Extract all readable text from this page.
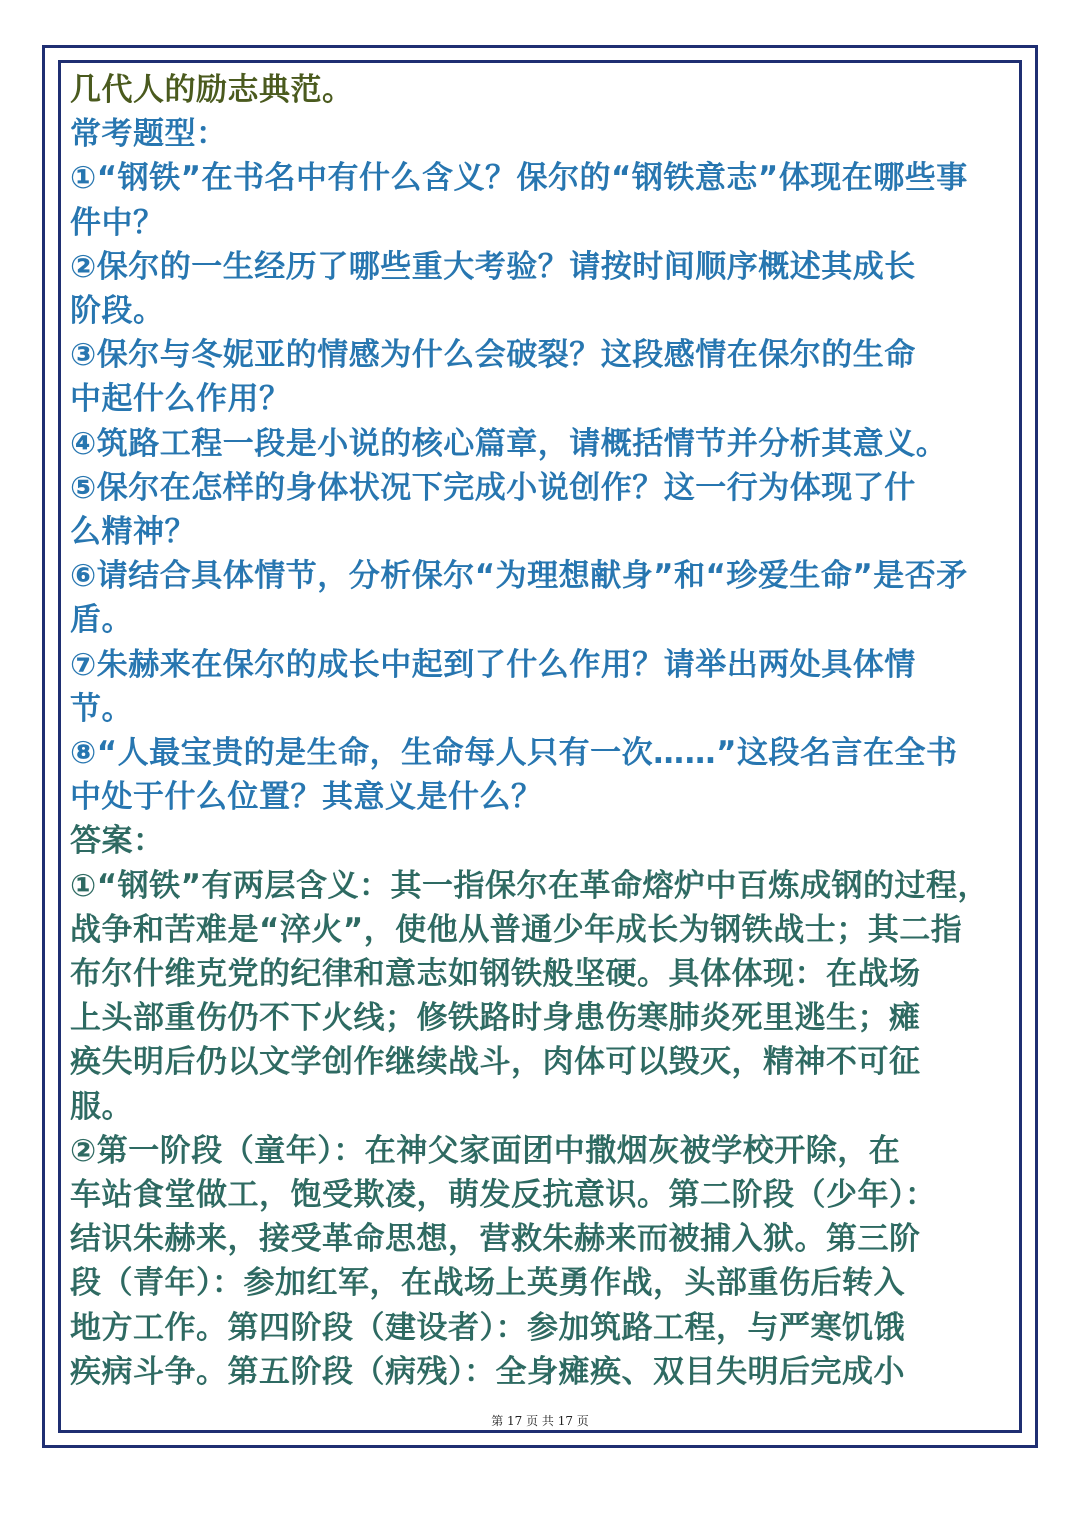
几代人的励志典范。

常考题型：

①“钢铁”在书名中有什么含义？保尔的“钢铁意志”体现在哪些事

件中？

②保尔的一生经历了哪些重大考验？请按时间顺序概述其成长

阶段。

③保尔与冬妮亚的情感为什么会破裂？这段感情在保尔的生命

中起什么作用？

④筑路工程一段是小说的核心篇章，请概括情节并分析其意义。

⑤保尔在怎样的身体状况下完成小说创作？这一行为体现了什

么精神？

⑥请结合具体情节，分析保尔“为理想献身”和“珍爱生命”是否矛

盾。

⑦朱赫来在保尔的成长中起到了什么作用？请举出两处具体情

节。

⑧“人最宝贵的是生命，生命每人只有一次……”这段名言在全书

中处于什么位置？其意义是什么？

答案：

①“钢铁”有两层含义：其一指保尔在革命熔炉中百炼成钢的过程，

战争和苦难是“淬火”，使他从普通少年成长为钢铁战士；其二指

布尔什维克党的纪律和意志如钢铁般坚硬。具体体现：在战场

上头部重伤仍不下火线；修铁路时身患伤寒肺炎死里逃生；瘫

痪失明后仍以文学创作继续战斗，肉体可以毁灭，精神不可征

服。

②第一阶段（童年）：在神父家面团中撒烟灰被学校开除，在

车站食堂做工，饱受欺凌，萌发反抗意识。第二阶段（少年）：

结识朱赫来，接受革命思想，营救朱赫来而被捕入狱。第三阶

段（青年）：参加红军，在战场上英勇作战，头部重伤后转入

地方工作。第四阶段（建设者）：参加筑路工程，与严寒饥饿

疾病斗争。第五阶段（病残）：全身瘫痪、双目失明后完成小

第 17 页 共 17 页
